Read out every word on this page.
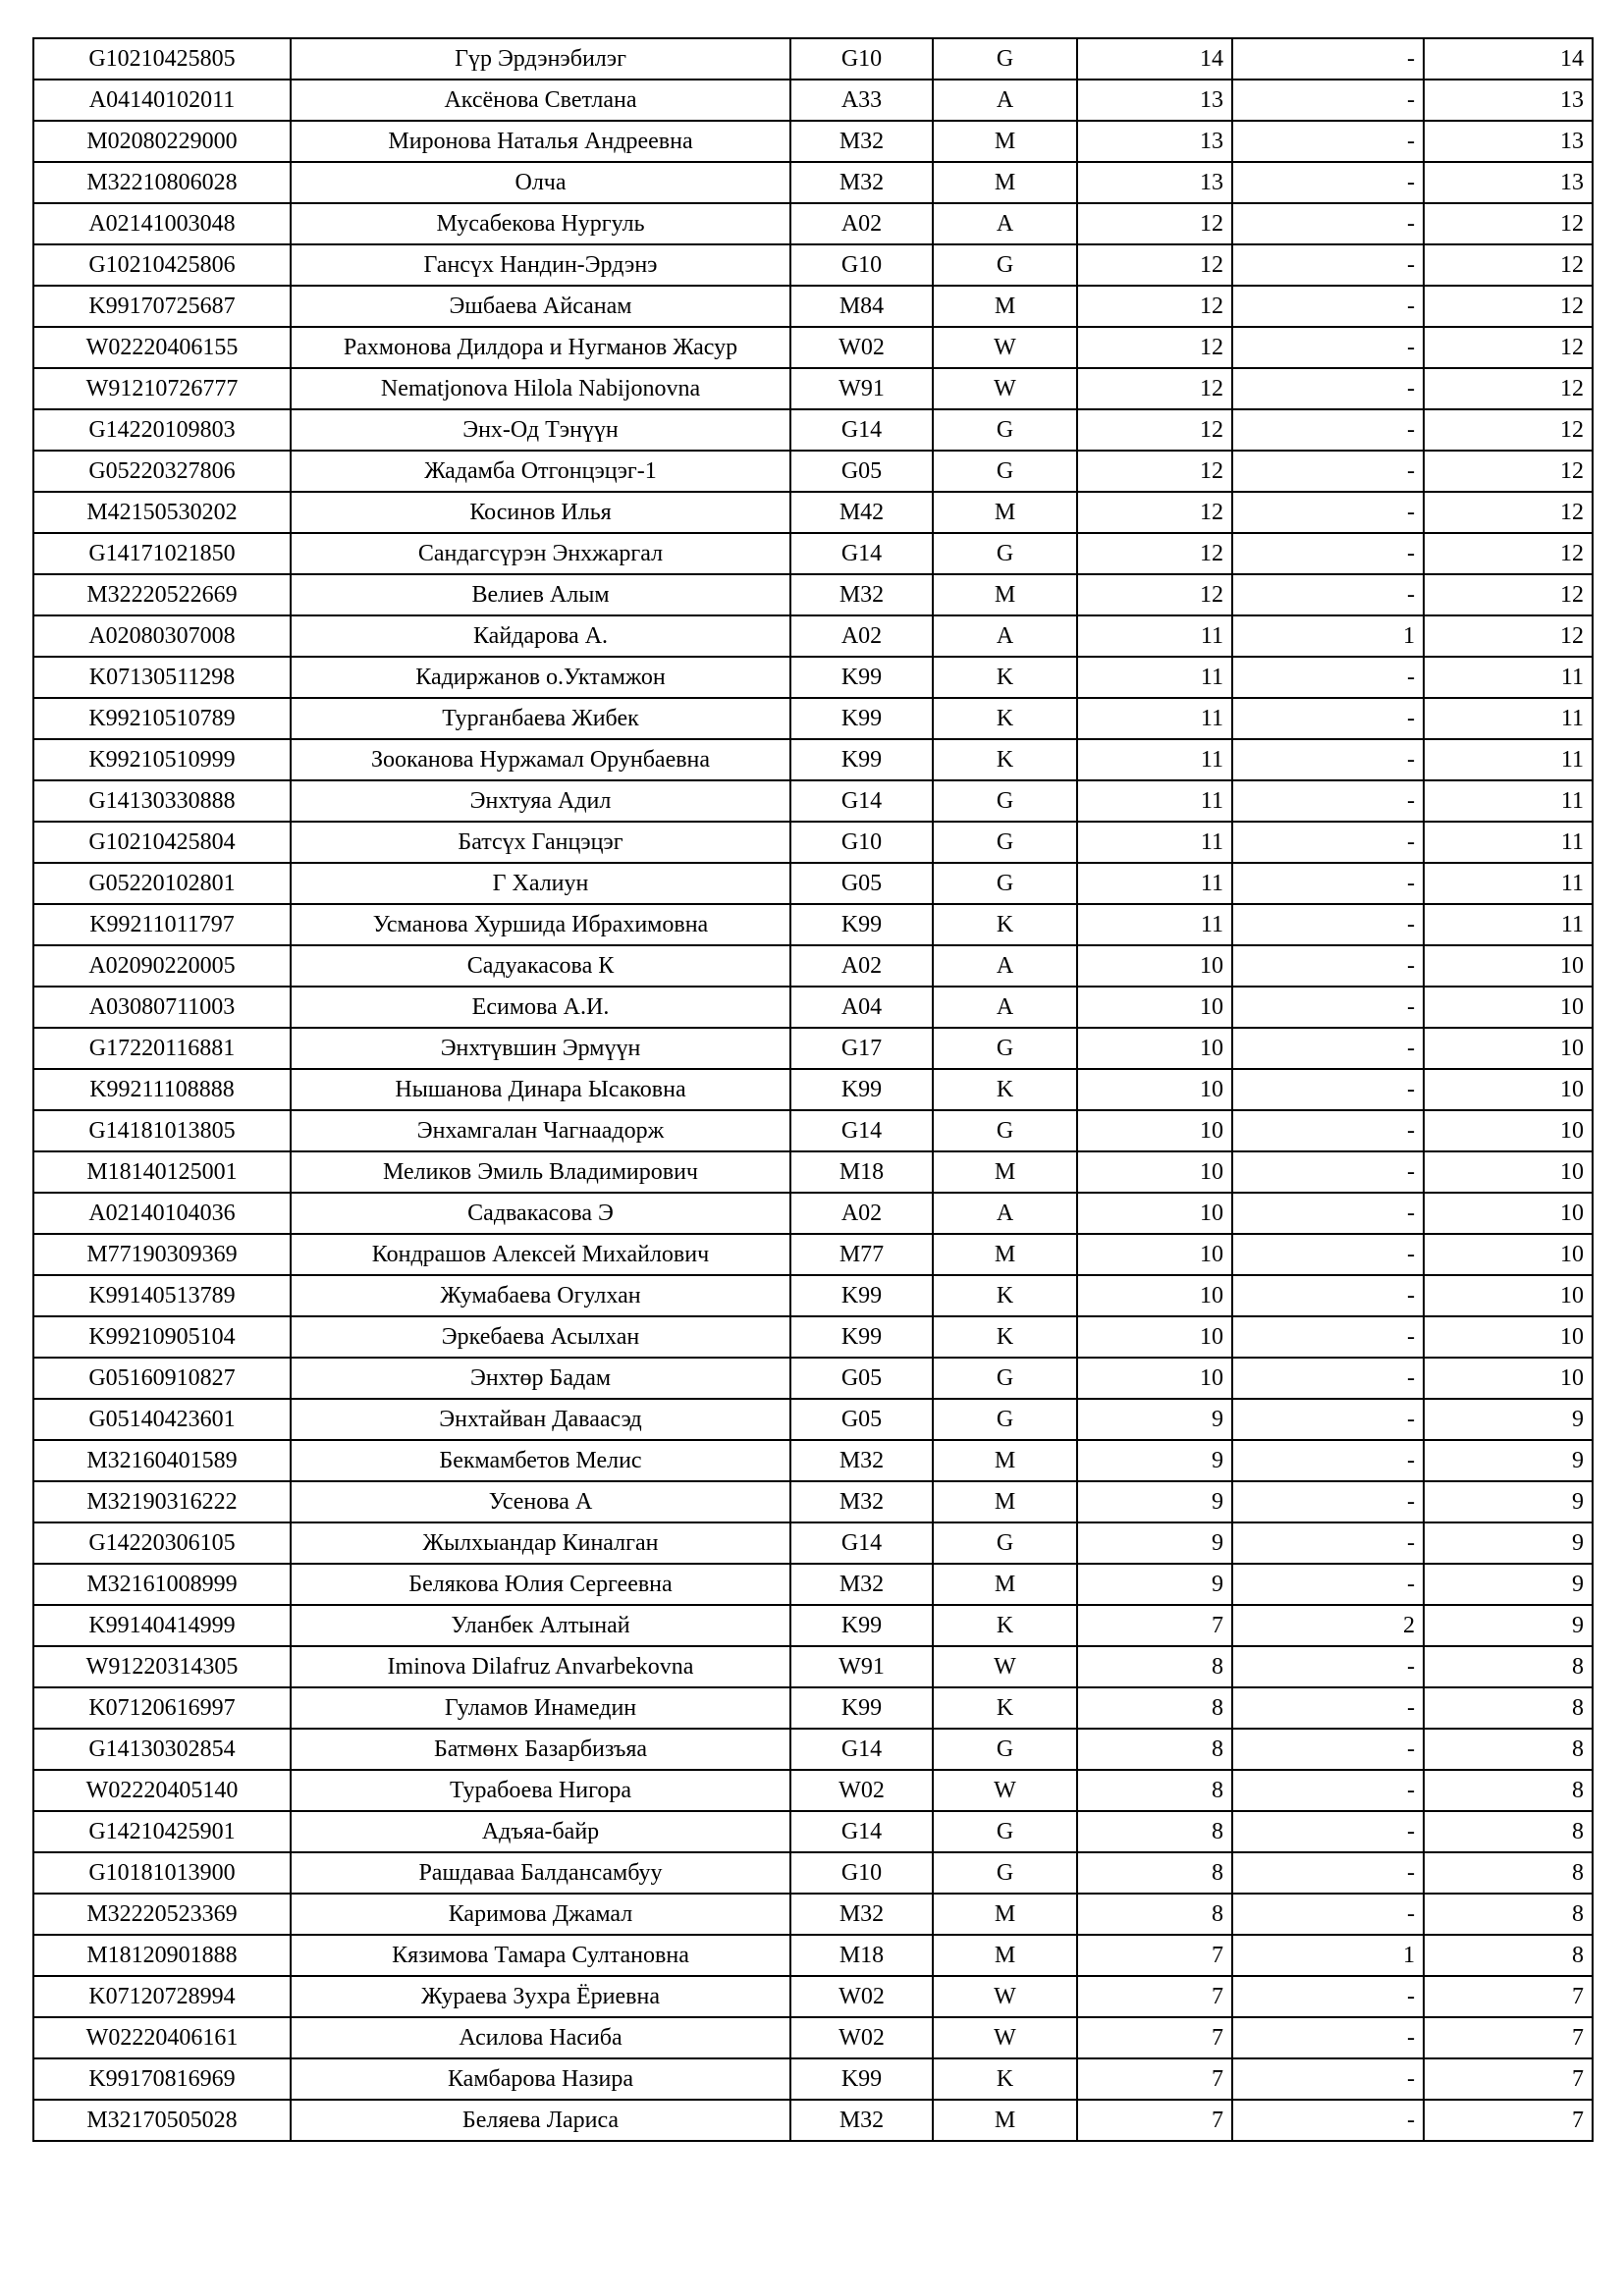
G10210425805	Гүр Эрдэнэбилэг	G10	G	14	-	14
A04140102011	Аксёнова Светлана	A33	A	13	-	13
M02080229000	Миронова Наталья Андреевна	M32	M	13	-	13
M32210806028	Олча	M32	M	13	-	13
A02141003048	Мусабекова Нургуль	A02	A	12	-	12
G10210425806	Гансүх Нандин-Эрдэнэ	G10	G	12	-	12
K99170725687	Эшбаева Айсанам	M84	M	12	-	12
W02220406155	Рахмонова Дилдора и Нугманов Жасур	W02	W	12	-	12
W91210726777	Nematjonova Hilola Nabijonovna	W91	W	12	-	12
G14220109803	Энх-Од Тэнүүн	G14	G	12	-	12
G05220327806	Жадамба Отгонцэцэг-1	G05	G	12	-	12
M42150530202	Косинов Илья	M42	M	12	-	12
G14171021850	Сандагсүрэн Энхжаргал	G14	G	12	-	12
M32220522669	Велиев Алым	M32	M	12	-	12
A02080307008	Кайдарова А.	A02	A	11	1	12
K07130511298	Кадиржанов о.Уктамжон	K99	K	11	-	11
K99210510789	Турганбаева Жибек	K99	K	11	-	11
K99210510999	Зооканова Нуржамал Орунбаевна	K99	K	11	-	11
G14130330888	Энхтуяа Адил	G14	G	11	-	11
G10210425804	Батсүх Ганцэцэг	G10	G	11	-	11
G05220102801	Г Халиун	G05	G	11	-	11
K99211011797	Усманова Хуршида Ибрахимовна	K99	K	11	-	11
A02090220005	Садуакасова К	A02	A	10	-	10
A03080711003	Есимова А.И.	A04	A	10	-	10
G17220116881	Энхтүвшин Эрмүүн	G17	G	10	-	10
K99211108888	Нышанова Динара Ысаковна	K99	K	10	-	10
G14181013805	Энхамгалан Чагнаадорж	G14	G	10	-	10
M18140125001	Меликов Эмиль Владимирович	M18	M	10	-	10
A02140104036	Садвакасова Э	A02	A	10	-	10
M77190309369	Кондрашов Алексей Михайлович	M77	M	10	-	10
K99140513789	Жумабаева Огулхан	K99	K	10	-	10
K99210905104	Эркебаева Асылхан	K99	K	10	-	10
G05160910827	Энхтөр Бадам	G05	G	10	-	10
G05140423601	Энхтайван Даваасэд	G05	G	9	-	9
M32160401589	Бекмамбетов Мелис	M32	M	9	-	9
M32190316222	Усенова А	M32	M	9	-	9
G14220306105	Жылхыандар Киналган	G14	G	9	-	9
M32161008999	Белякова Юлия Сергеевна	M32	M	9	-	9
K99140414999	Уланбек Алтынай	K99	K	7	2	9
W91220314305	Iminova Dilafruz Anvarbekovna	W91	W	8	-	8
K07120616997	Гуламов Инамедин	K99	K	8	-	8
G14130302854	Батмөнх Базарбизъяа	G14	G	8	-	8
W02220405140	Турабоева Нигора	W02	W	8	-	8
G14210425901	Адъяа-байр	G14	G	8	-	8
G10181013900	Рашдаваа Балдансамбуу	G10	G	8	-	8
M32220523369	Каримова Джамал	M32	M	8	-	8
M18120901888	Кязимова Тамара Султановна	M18	M	7	1	8
K07120728994	Жураева Зухра Ёриевна	W02	W	7	-	7
W02220406161	Асилова Насиба	W02	W	7	-	7
K99170816969	Камбарова Назира	K99	K	7	-	7
M32170505028	Беляева Лариса	M32	M	7	-	7
